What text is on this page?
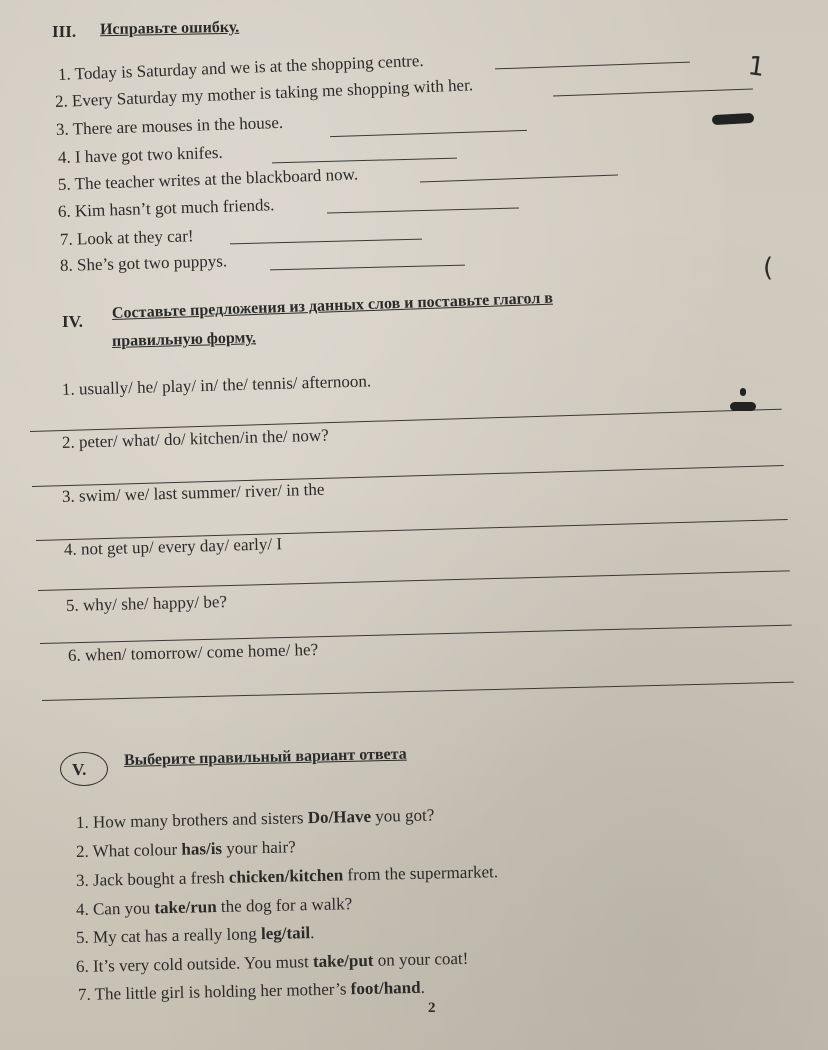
III. Исправьте ошибку.
1. Today is Saturday and we is at the shopping centre.
2. Every Saturday my mother is taking me shopping with her.
3. There are mouses in the house.
4. I have got two knifes.
5. The teacher writes at the blackboard now.
6. Kim hasn’t got much friends.
7. Look at they car!
8. She’s got two puppys.
IV. Составьте предложения из данных слов и поставьте глагол в
правильную форму.
1. usually/ he/ play/ in/ the/ tennis/ afternoon.
2. peter/ what/ do/ kitchen/in the/ now?
3. swim/ we/ last summer/ river/ in the
4. not get up/ every day/ early/ I
5. why/ she/ happy/ be?
6. when/ tomorrow/ come home/ he?
V.
Выберите правильный вариант ответа
1. How many brothers and sisters Do/Have you got?
2. What colour has/is your hair?
3. Jack bought a fresh chicken/kitchen from the supermarket.
4. Can you take/run the dog for a walk?
5. My cat has a really long leg/tail.
6. It’s very cold outside. You must take/put on your coat!
7. The little girl is holding her mother’s foot/hand.
2
1
(
